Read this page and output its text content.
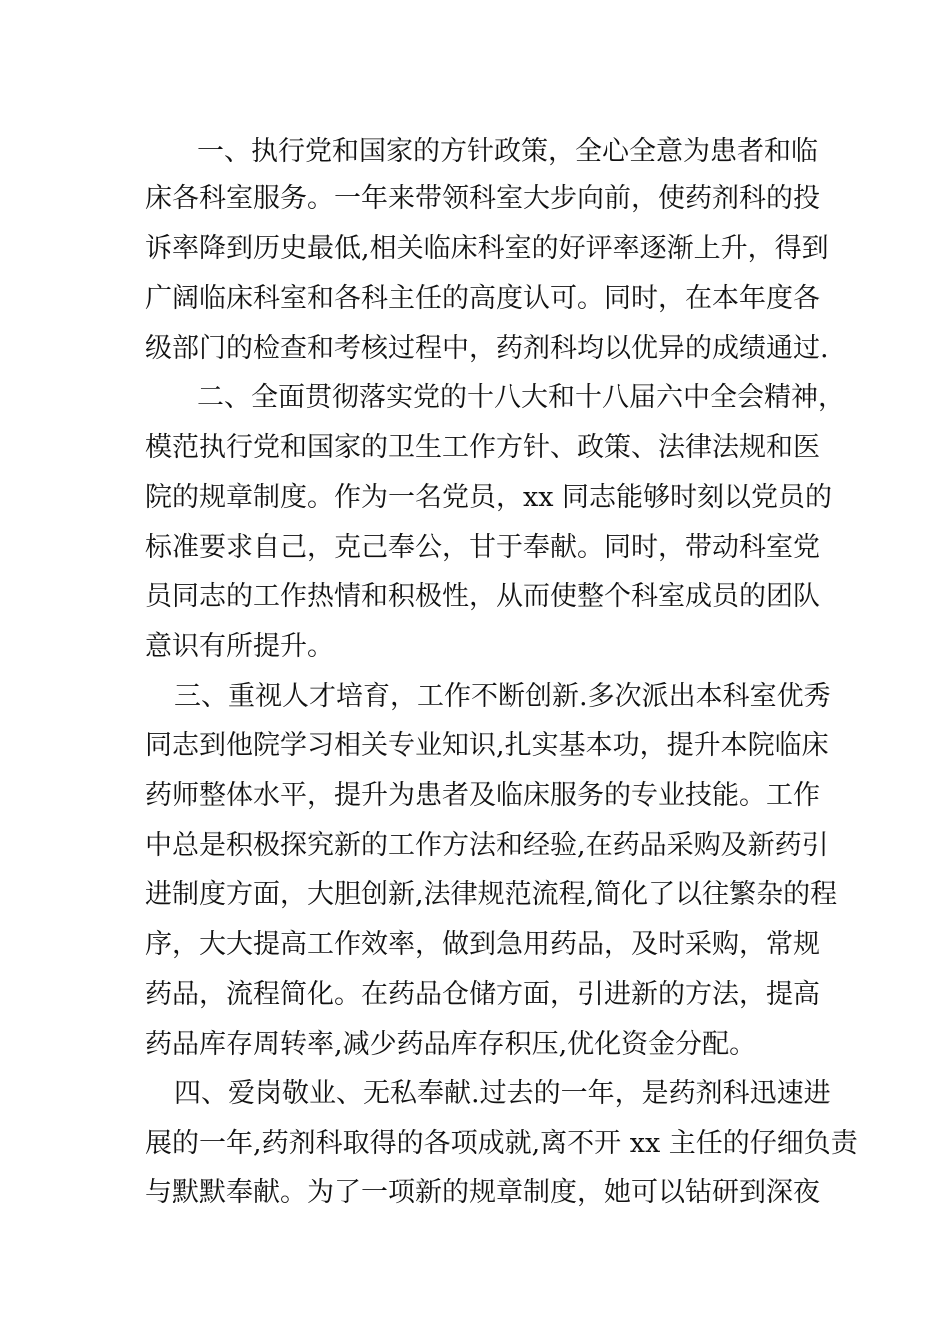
一、执行党和国家的方针政策，全心全意为患者和临
床各科室服务。一年来带领科室大步向前，使药剂科的投
诉率降到历史最低,相关临床科室的好评率逐渐上升，得到
广阔临床科室和各科主任的高度认可。同时，在本年度各
级部门的检查和考核过程中，药剂科均以优异的成绩通过.
二、全面贯彻落实党的十八大和十八届六中全会精神，
模范执行党和国家的卫生工作方针、政策、法律法规和医
院的规章制度。作为一名党员，xx 同志能够时刻以党员的
标准要求自己，克己奉公，甘于奉献。同时，带动科室党
员同志的工作热情和积极性，从而使整个科室成员的团队
意识有所提升。
三、重视人才培育，工作不断创新.多次派出本科室优秀
同志到他院学习相关专业知识,扎实基本功，提升本院临床
药师整体水平，提升为患者及临床服务的专业技能。工作
中总是积极探究新的工作方法和经验,在药品采购及新药引
进制度方面，大胆创新,法律规范流程,简化了以往繁杂的程
序，大大提高工作效率，做到急用药品，及时采购，常规
药品，流程简化。在药品仓储方面，引进新的方法，提高
药品库存周转率,减少药品库存积压,优化资金分配。
四、爱岗敬业、无私奉献.过去的一年，是药剂科迅速进
展的一年,药剂科取得的各项成就,离不开 xx 主任的仔细负责
与默默奉献。为了一项新的规章制度，她可以钻研到深夜
